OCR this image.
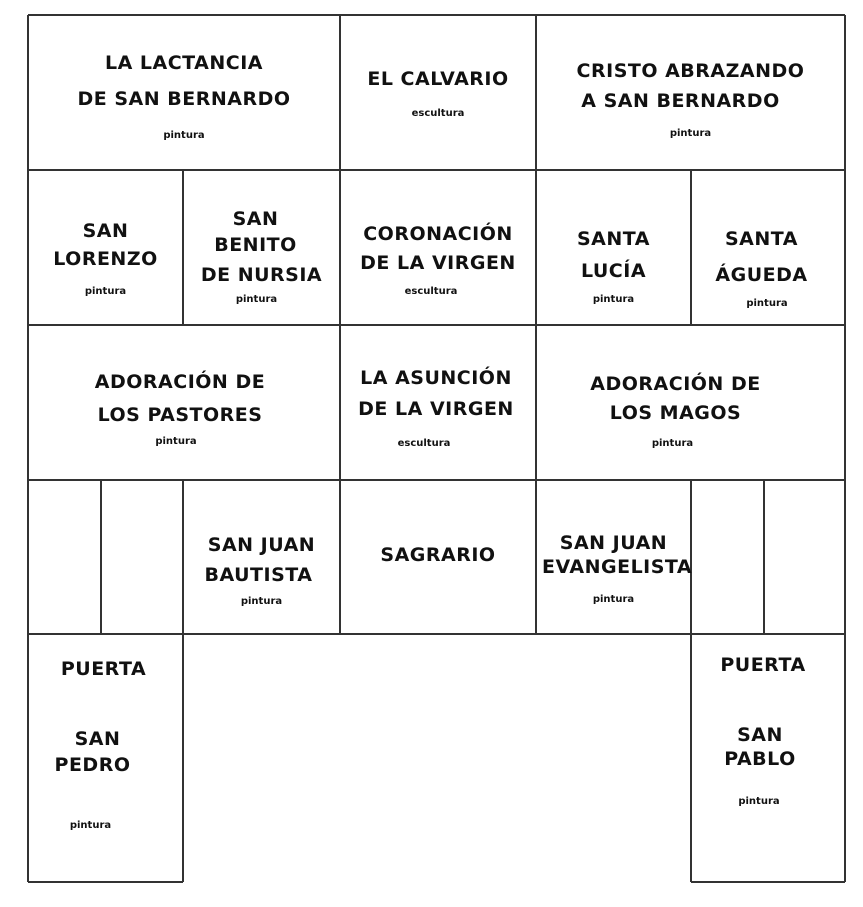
LA LACTANCIA
DE SAN BERNARDO
pintura
EL CALVARIO
escultura
CRISTO ABRAZANDO
A SAN BERNARDO
pintura
SAN
LORENZO
pintura
SAN
BENITO
DE NURSIA
pintura
CORONACIÓN
DE LA VIRGEN
escultura
SANTA
LUCÍA
pintura
SANTA
ÁGUEDA
pintura
ADORACIÓN DE
LOS PASTORES
pintura
LA ASUNCIÓN
DE LA VIRGEN
escultura
ADORACIÓN DE
LOS MAGOS
pintura
SAN JUAN
BAUTISTA
pintura
SAGRARIO
SAN JUAN
EVANGELISTA
pintura
PUERTA
SAN
PEDRO
pintura
PUERTA
SAN
PABLO
pintura
